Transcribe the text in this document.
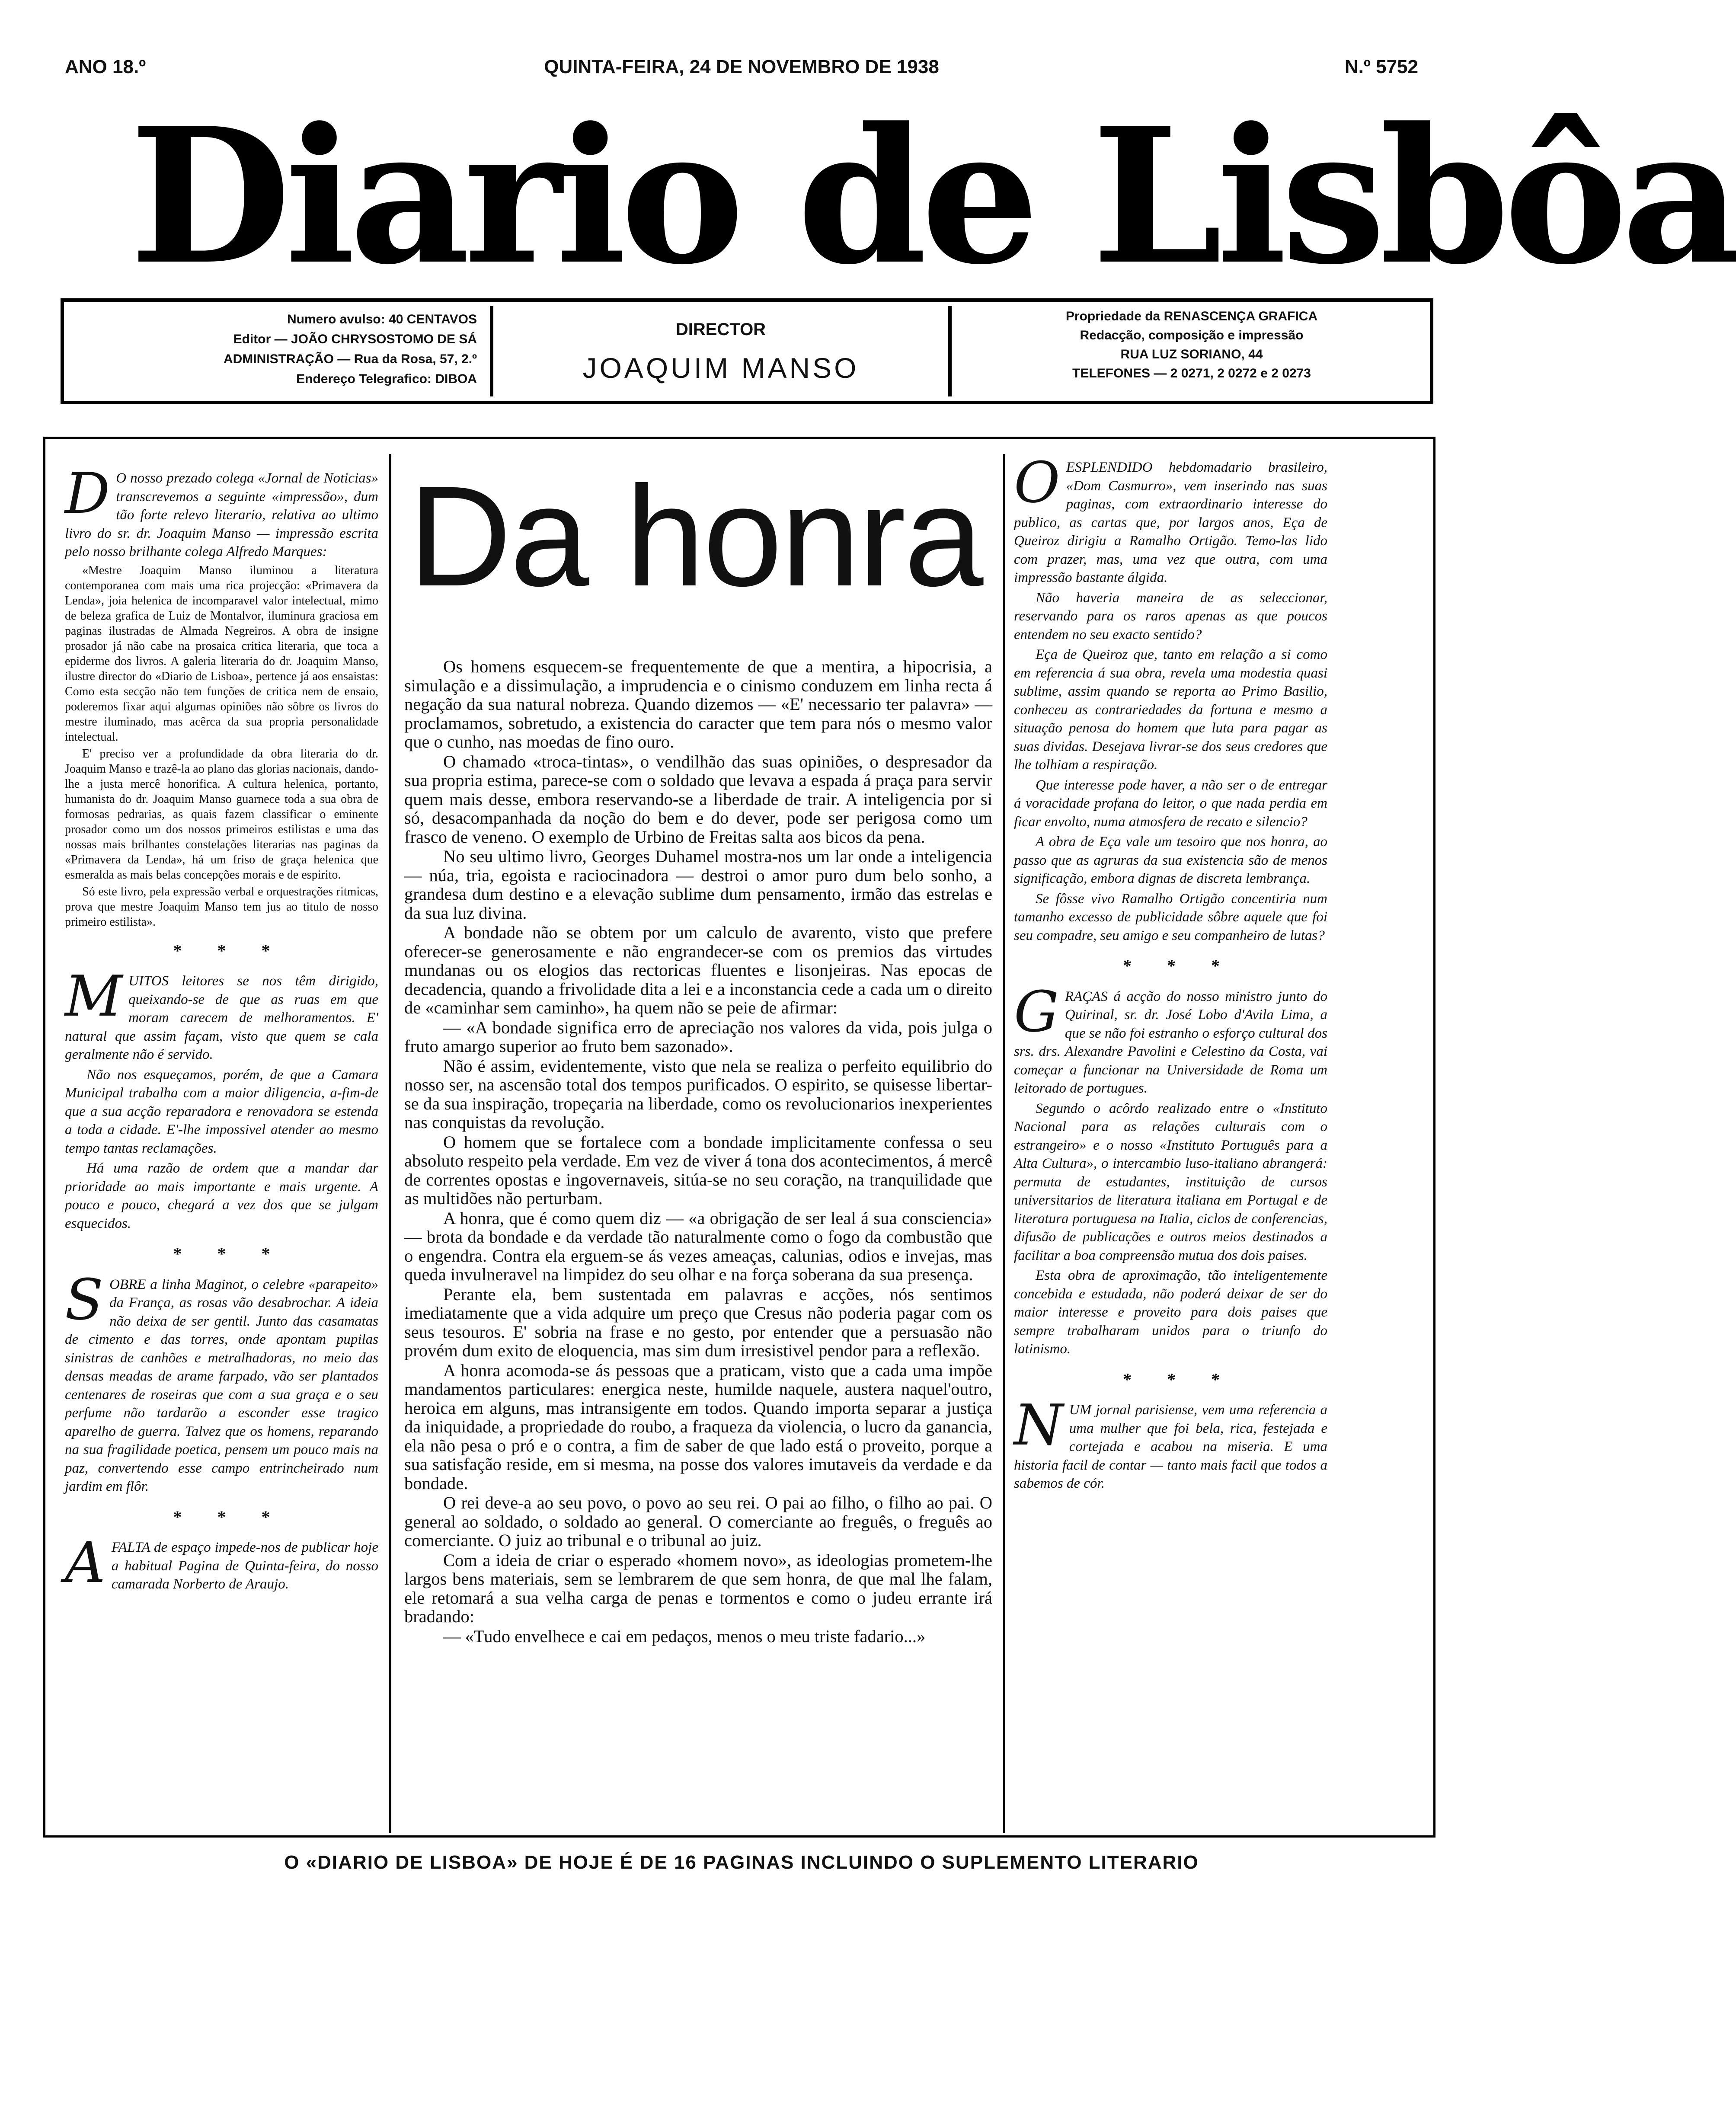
ANO 18.º	QUINTA-FEIRA, 24 DE NOVEMBRO DE 1938	N.º 5752
Diario de Lisbôa
Numero avulso: 40 CENTAVOS
Editor — JOÃO CHRYSOSTOMO DE SÁ
ADMINISTRAÇÃO — Rua da Rosa, 57, 2.º
Endereço Telegrafico: DIBOA
DIRECTOR
JOAQUIM MANSO
Propriedade da RENASCENÇA GRAFICA
Redacção, composição e impressão
RUA LUZ SORIANO, 44
TELEFONES — 2 0271, 2 0272 e 2 0273

D O nosso prezado colega «Jornal de Noticias» transcrevemos a seguinte «impressão», dum tão forte relevo literario, relativa ao ultimo livro do sr. dr. Joaquim Manso — impressão escrita pelo nosso brilhante colega Alfredo Marques:

«Mestre Joaquim Manso iluminou a literatura contemporanea com mais uma rica projecção: «Primavera da Lenda», joia helenica de incomparavel valor intelectual, mimo de beleza grafica de Luiz de Montalvor, iluminura graciosa em paginas ilustradas de Almada Negreiros. A obra de insigne prosador já não cabe na prosaica critica literaria, que toca a epiderme dos livros. A galeria literaria do dr. Joaquim Manso, ilustre director do «Diario de Lisboa», pertence já aos ensaistas: Como esta secção não tem funções de critica nem de ensaio, poderemos fixar aqui algumas opiniões não sôbre os livros do mestre iluminado, mas acêrca da sua propria personalidade intelectual.

E' preciso ver a profundidade da obra literaria do dr. Joaquim Manso e trazê-la ao plano das glorias nacionais, dando-lhe a justa mercê honorifica. A cultura helenica, portanto, humanista do dr. Joaquim Manso guarnece toda a sua obra de formosas pedrarias, as quais fazem classificar o eminente prosador como um dos nossos primeiros estilistas e uma das nossas mais brilhantes constelações literarias nas paginas da «Primavera da Lenda», há um friso de graça helenica que esmeralda as mais belas concepções morais e de espirito.

Só este livro, pela expressão verbal e orquestrações ritmicas, prova que mestre Joaquim Manso tem jus ao titulo de nosso primeiro estilista».

* * *

MUITOS leitores se nos têm dirigido, queixando-se de que as ruas em que moram carecem de melhoramentos. E' natural que assim façam, visto que quem se cala geralmente não é servido.

Não nos esqueçamos, porém, de que a Camara Municipal trabalha com a maior diligencia, a-fim-de que a sua acção reparadora e renovadora se estenda a toda a cidade. E'-lhe impossivel atender ao mesmo tempo tantas reclamações.

Há uma razão de ordem que a mandar dar prioridade ao mais importante e mais urgente. A pouco e pouco, chegará a vez dos que se julgam esquecidos.

* * *

SOBRE a linha Maginot, o celebre «parapeito» da França, as rosas vão desabrochar. A ideia não deixa de ser gentil. Junto das casamatas de cimento e das torres, onde apontam pupilas sinistras de canhões e metralhadoras, no meio das densas meadas de arame farpado, vão ser plantados centenares de roseiras que com a sua graça e o seu perfume não tardarão a esconder esse tragico aparelho de guerra. Talvez que os homens, reparando na sua fragilidade poetica, pensem um pouco mais na paz, convertendo esse campo entrincheirado num jardim em flôr.

* * *

AFALTA de espaço impede-nos de publicar hoje a habitual Pagina de Quinta-feira, do nosso camarada Norberto de Araujo.

Da honra

Os homens esquecem-se frequentemente de que a mentira, a hipocrisia, a simulação e a dissimulação, a imprudencia e o cinismo conduzem em linha recta á negação da sua natural nobreza. Quando dizemos — «E' necessario ter palavra» — proclamamos, sobretudo, a existencia do caracter que tem para nós o mesmo valor que o cunho, nas moedas de fino ouro.

O chamado «troca-tintas», o vendilhão das suas opiniões, o despresador da sua propria estima, parece-se com o soldado que levava a espada á praça para servir quem mais desse, embora reservando-se a liberdade de trair. A inteligencia por si só, desacompanhada da noção do bem e do dever, pode ser perigosa como um frasco de veneno. O exemplo de Urbino de Freitas salta aos bicos da pena.

No seu ultimo livro, Georges Duhamel mostra-nos um lar onde a inteligencia — núa, tria, egoista e raciocinadora — destroi o amor puro dum belo sonho, a grandesa dum destino e a elevação sublime dum pensamento, irmão das estrelas e da sua luz divina.

A bondade não se obtem por um calculo de avarento, visto que prefere oferecer-se generosamente e não engrandecer-se com os premios das virtudes mundanas ou os elogios das rectoricas fluentes e lisonjeiras. Nas epocas de decadencia, quando a frivolidade dita a lei e a inconstancia cede a cada um o direito de «caminhar sem caminho», ha quem não se peie de afirmar:

— «A bondade significa erro de apreciação nos valores da vida, pois julga o fruto amargo superior ao fruto bem sazonado».

Não é assim, evidentemente, visto que nela se realiza o perfeito equilibrio do nosso ser, na ascensão total dos tempos purificados. O espirito, se quisesse libertar-se da sua inspiração, tropeçaria na liberdade, como os revolucionarios inexperientes nas conquistas da revolução.

O homem que se fortalece com a bondade implicitamente confessa o seu absoluto respeito pela verdade. Em vez de viver á tona dos acontecimentos, á mercê de correntes opostas e ingovernaveis, sitúa-se no seu coração, na tranquilidade que as multidões não perturbam.

A honra, que é como quem diz — «a obrigação de ser leal á sua consciencia» — brota da bondade e da verdade tão naturalmente como o fogo da combustão que o engendra. Contra ela erguem-se ás vezes ameaças, calunias, odios e invejas, mas queda invulneravel na limpidez do seu olhar e na força soberana da sua presença.

Perante ela, bem sustentada em palavras e acções, nós sentimos imediatamente que a vida adquire um preço que Cresus não poderia pagar com os seus tesouros. E' sobria na frase e no gesto, por entender que a persuasão não provém dum exito de eloquencia, mas sim dum irresistivel pendor para a reflexão.

A honra acomoda-se ás pessoas que a praticam, visto que a cada uma impõe mandamentos particulares: energica neste, humilde naquele, austera naquel'outro, heroica em alguns, mas intransigente em todos. Quando importa separar a justiça da iniquidade, a propriedade do roubo, a fraqueza da violencia, o lucro da ganancia, ela não pesa o pró e o contra, a fim de saber de que lado está o proveito, porque a sua satisfação reside, em si mesma, na posse dos valores imutaveis da verdade e da bondade.

O rei deve-a ao seu povo, o povo ao seu rei. O pai ao filho, o filho ao pai. O general ao soldado, o soldado ao general. O comerciante ao freguês, o freguês ao comerciante. O juiz ao tribunal e o tribunal ao juiz.

Com a ideia de criar o esperado «homem novo», as ideologias prometem-lhe largos bens materiais, sem se lembrarem de que sem honra, de que mal lhe falam, ele retomará a sua velha carga de penas e tormentos e como o judeu errante irá bradando:

— «Tudo envelhece e cai em pedaços, menos o meu triste fadario...»

OESPLENDIDO hebdomadario brasileiro, «Dom Casmurro», vem inserindo nas suas paginas, com extraordinario interesse do publico, as cartas que, por largos anos, Eça de Queiroz dirigiu a Ramalho Ortigão. Temo-las lido com prazer, mas, uma vez que outra, com uma impressão bastante álgida.

Não haveria maneira de as seleccionar, reservando para os raros apenas as que poucos entendem no seu exacto sentido?

Eça de Queiroz que, tanto em relação a si como em referencia á sua obra, revela uma modestia quasi sublime, assim quando se reporta ao Primo Basilio, conheceu as contrariedades da fortuna e mesmo a situação penosa do homem que luta para pagar as suas dividas. Desejava livrar-se dos seus credores que lhe tolhiam a respiração.

Que interesse pode haver, a não ser o de entregar á voracidade profana do leitor, o que nada perdia em ficar envolto, numa atmosfera de recato e silencio?

A obra de Eça vale um tesoiro que nos honra, ao passo que as agruras da sua existencia são de menos significação, embora dignas de discreta lembrança.

Se fôsse vivo Ramalho Ortigão concentiria num tamanho excesso de publicidade sôbre aquele que foi seu compadre, seu amigo e seu companheiro de lutas?

* * *

GRAÇAS á acção do nosso ministro junto do Quirinal, sr. dr. José Lobo d'Avila Lima, a que se não foi estranho o esforço cultural dos srs. drs. Alexandre Pavolini e Celestino da Costa, vai começar a funcionar na Universidade de Roma um leitorado de portugues.

Segundo o acôrdo realizado entre o «Instituto Nacional para as relações culturais com o estrangeiro» e o nosso «Instituto Português para a Alta Cultura», o intercambio luso-italiano abrangerá: permuta de estudantes, instituição de cursos universitarios de literatura italiana em Portugal e de literatura portuguesa na Italia, ciclos de conferencias, difusão de publicações e outros meios destinados a facilitar a boa compreensão mutua dos dois paises.

Esta obra de aproximação, tão inteligentemente concebida e estudada, não poderá deixar de ser do maior interesse e proveito para dois paises que sempre trabalharam unidos para o triunfo do latinismo.

* * *

NUM jornal parisiense, vem uma referencia a uma mulher que foi bela, rica, festejada e cortejada e acabou na miseria. E uma historia facil de contar — tanto mais facil que todos a sabemos de cór.

O «DIARIO DE LISBOA» DE HOJE É DE 16 PAGINAS INCLUINDO O SUPLEMENTO LITERARIO
